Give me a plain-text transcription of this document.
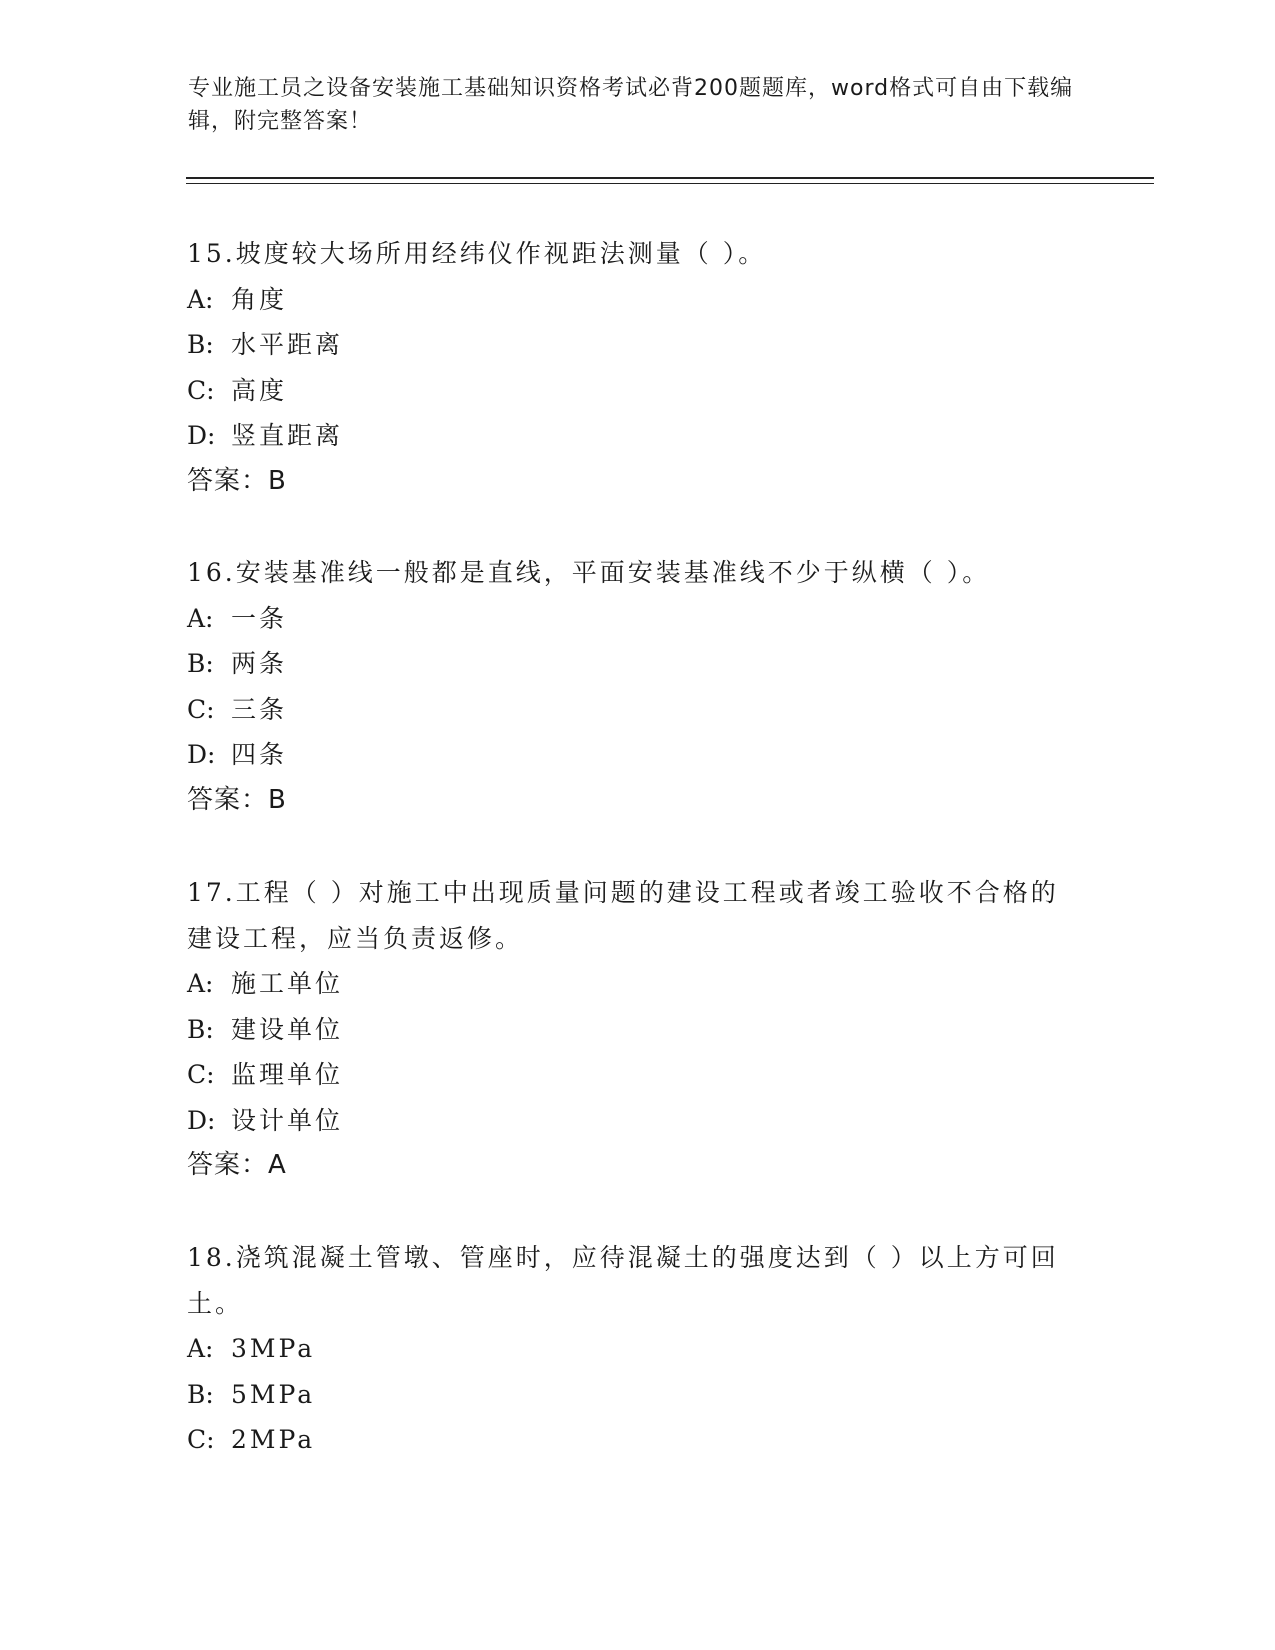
专业施工员之设备安装施工基础知识资格考试必背200题题库，word格式可自由下载编辑，附完整答案！

15.坡度较大场所用经纬仪作视距法测量（ ）。

A: 角度

B: 水平距离

C: 高度

D: 竖直距离

答案：B

16.安装基准线一般都是直线，平面安装基准线不少于纵横（ ）。

A: 一条

B: 两条

C: 三条

D: 四条

答案：B

17.工程（ ）对施工中出现质量问题的建设工程或者竣工验收不合格的建设工程，应当负责返修。

A: 施工单位

B: 建设单位

C: 监理单位

D: 设计单位

答案：A

18.浇筑混凝土管墩、管座时，应待混凝土的强度达到（ ）以上方可回土。

A: 3MPa

B: 5MPa

C: 2MPa
